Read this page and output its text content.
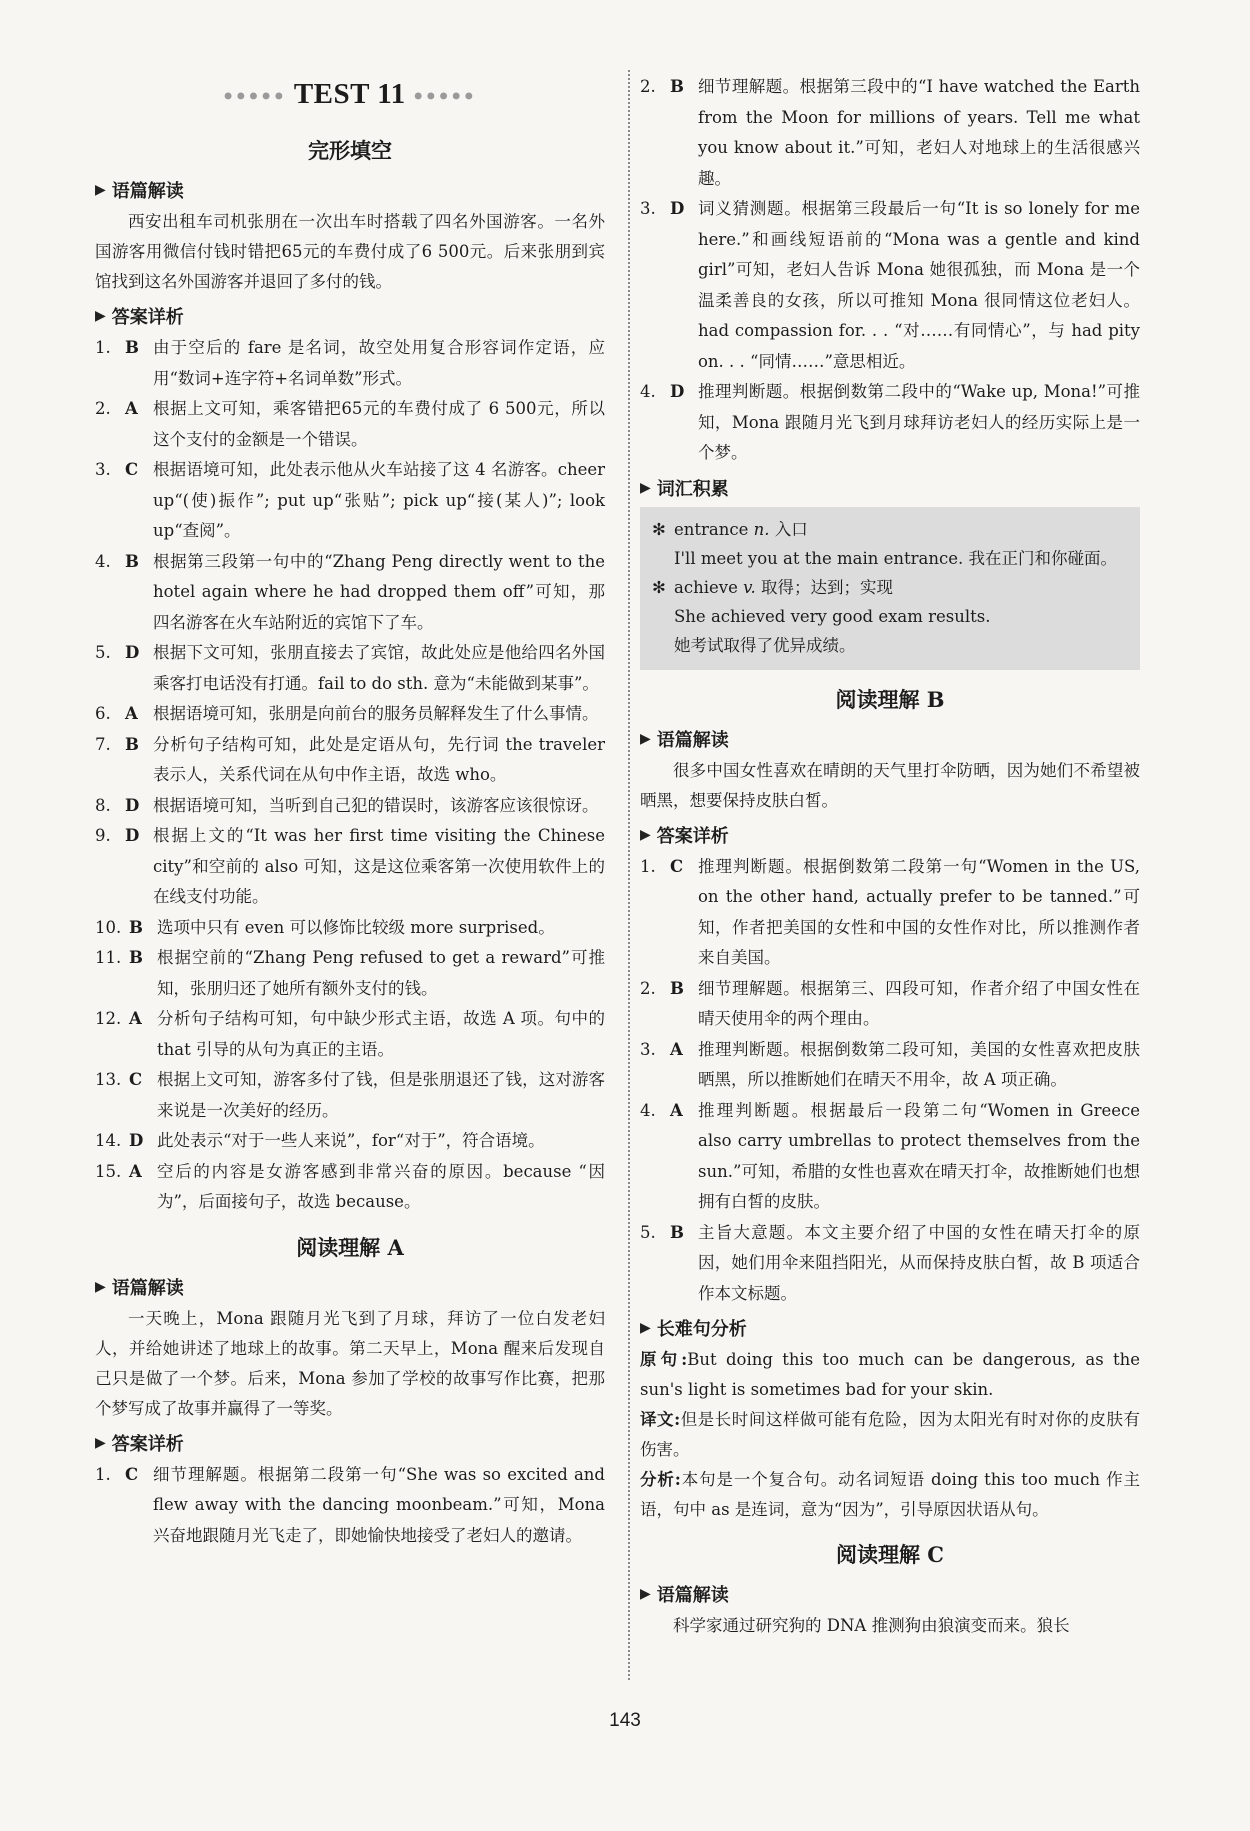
●●●●● TEST 11 ●●●●●
完形填空
▶ 语篇解读

西安出租车司机张朋在一次出车时搭载了四名外国游客。一名外国游客用微信付钱时错把65元的车费付成了6 500元。后来张朋到宾馆找到这名外国游客并退回了多付的钱。

▶ 答案详析
1. B 由于空后的 fare 是名词，故空处用复合形容词作定语，应用“数词+连字符+名词单数”形式。
2. A 根据上文可知，乘客错把65元的车费付成了 6 500元，所以这个支付的金额是一个错误。
3. C 根据语境可知，此处表示他从火车站接了这 4 名游客。cheer up“(使)振作”; put up“张贴”; pick up“接(某人)”; look up“查阅”。
4. B 根据第三段第一句中的“Zhang Peng directly went to the hotel again where he had dropped them off”可知，那四名游客在火车站附近的宾馆下了车。
5. D 根据下文可知，张朋直接去了宾馆，故此处应是他给四名外国乘客打电话没有打通。fail to do sth. 意为“未能做到某事”。
6. A 根据语境可知，张朋是向前台的服务员解释发生了什么事情。
7. B 分析句子结构可知，此处是定语从句，先行词 the traveler 表示人，关系代词在从句中作主语，故选 who。
8. D 根据语境可知，当听到自己犯的错误时，该游客应该很惊讶。
9. D 根据上文的“It was her first time visiting the Chinese city”和空前的 also 可知，这是这位乘客第一次使用软件上的在线支付功能。
10. B 选项中只有 even 可以修饰比较级 more surprised。
11. B 根据空前的“Zhang Peng refused to get a reward”可推知，张朋归还了她所有额外支付的钱。
12. A 分析句子结构可知，句中缺少形式主语，故选 A 项。句中的 that 引导的从句为真正的主语。
13. C 根据上文可知，游客多付了钱，但是张朋退还了钱，这对游客来说是一次美好的经历。
14. D 此处表示“对于一些人来说”，for“对于”，符合语境。
15. A 空后的内容是女游客感到非常兴奋的原因。because “因为”，后面接句子，故选 because。
阅读理解 A
▶ 语篇解读

一天晚上，Mona 跟随月光飞到了月球，拜访了一位白发老妇人，并给她讲述了地球上的故事。第二天早上，Mona 醒来后发现自己只是做了一个梦。后来，Mona 参加了学校的故事写作比赛，把那个梦写成了故事并赢得了一等奖。

▶ 答案详析
1. C 细节理解题。根据第二段第一句“She was so excited and flew away with the dancing moonbeam.”可知，Mona 兴奋地跟随月光飞走了，即她愉快地接受了老妇人的邀请。
2. B 细节理解题。根据第三段中的“I have watched the Earth from the Moon for millions of years. Tell me what you know about it.”可知，老妇人对地球上的生活很感兴趣。
3. D 词义猜测题。根据第三段最后一句“It is so lonely for me here.”和画线短语前的“Mona was a gentle and kind girl”可知，老妇人告诉 Mona 她很孤独，而 Mona 是一个温柔善良的女孩，所以可推知 Mona 很同情这位老妇人。had compassion for. . . “对……有同情心”，与 had pity on. . . “同情……”意思相近。
4. D 推理判断题。根据倒数第二段中的“Wake up, Mona!”可推知，Mona 跟随月光飞到月球拜访老妇人的经历实际上是一个梦。
▶ 词汇积累
✻ entrance n. 入口
I'll meet you at the main entrance. 我在正门和你碰面。
✻ achieve v. 取得；达到；实现
She achieved very good exam results.
她考试取得了优异成绩。
阅读理解 B
▶ 语篇解读

很多中国女性喜欢在晴朗的天气里打伞防晒，因为她们不希望被晒黑，想要保持皮肤白皙。

▶ 答案详析
1. C 推理判断题。根据倒数第二段第一句“Women in the US, on the other hand, actually prefer to be tanned.”可知，作者把美国的女性和中国的女性作对比，所以推测作者来自美国。
2. B 细节理解题。根据第三、四段可知，作者介绍了中国女性在晴天使用伞的两个理由。
3. A 推理判断题。根据倒数第二段可知，美国的女性喜欢把皮肤晒黑，所以推断她们在晴天不用伞，故 A 项正确。
4. A 推理判断题。根据最后一段第二句“Women in Greece also carry umbrellas to protect themselves from the sun.”可知，希腊的女性也喜欢在晴天打伞，故推断她们也想拥有白皙的皮肤。
5. B 主旨大意题。本文主要介绍了中国的女性在晴天打伞的原因，她们用伞来阻挡阳光，从而保持皮肤白皙，故 B 项适合作本文标题。
▶ 长难句分析

原句:But doing this too much can be dangerous, as the sun's light is sometimes bad for your skin.

译文:但是长时间这样做可能有危险，因为太阳光有时对你的皮肤有伤害。

分析:本句是一个复合句。动名词短语 doing this too much 作主语，句中 as 是连词，意为“因为”，引导原因状语从句。

阅读理解 C
▶ 语篇解读

科学家通过研究狗的 DNA 推测狗由狼演变而来。狼长

143
